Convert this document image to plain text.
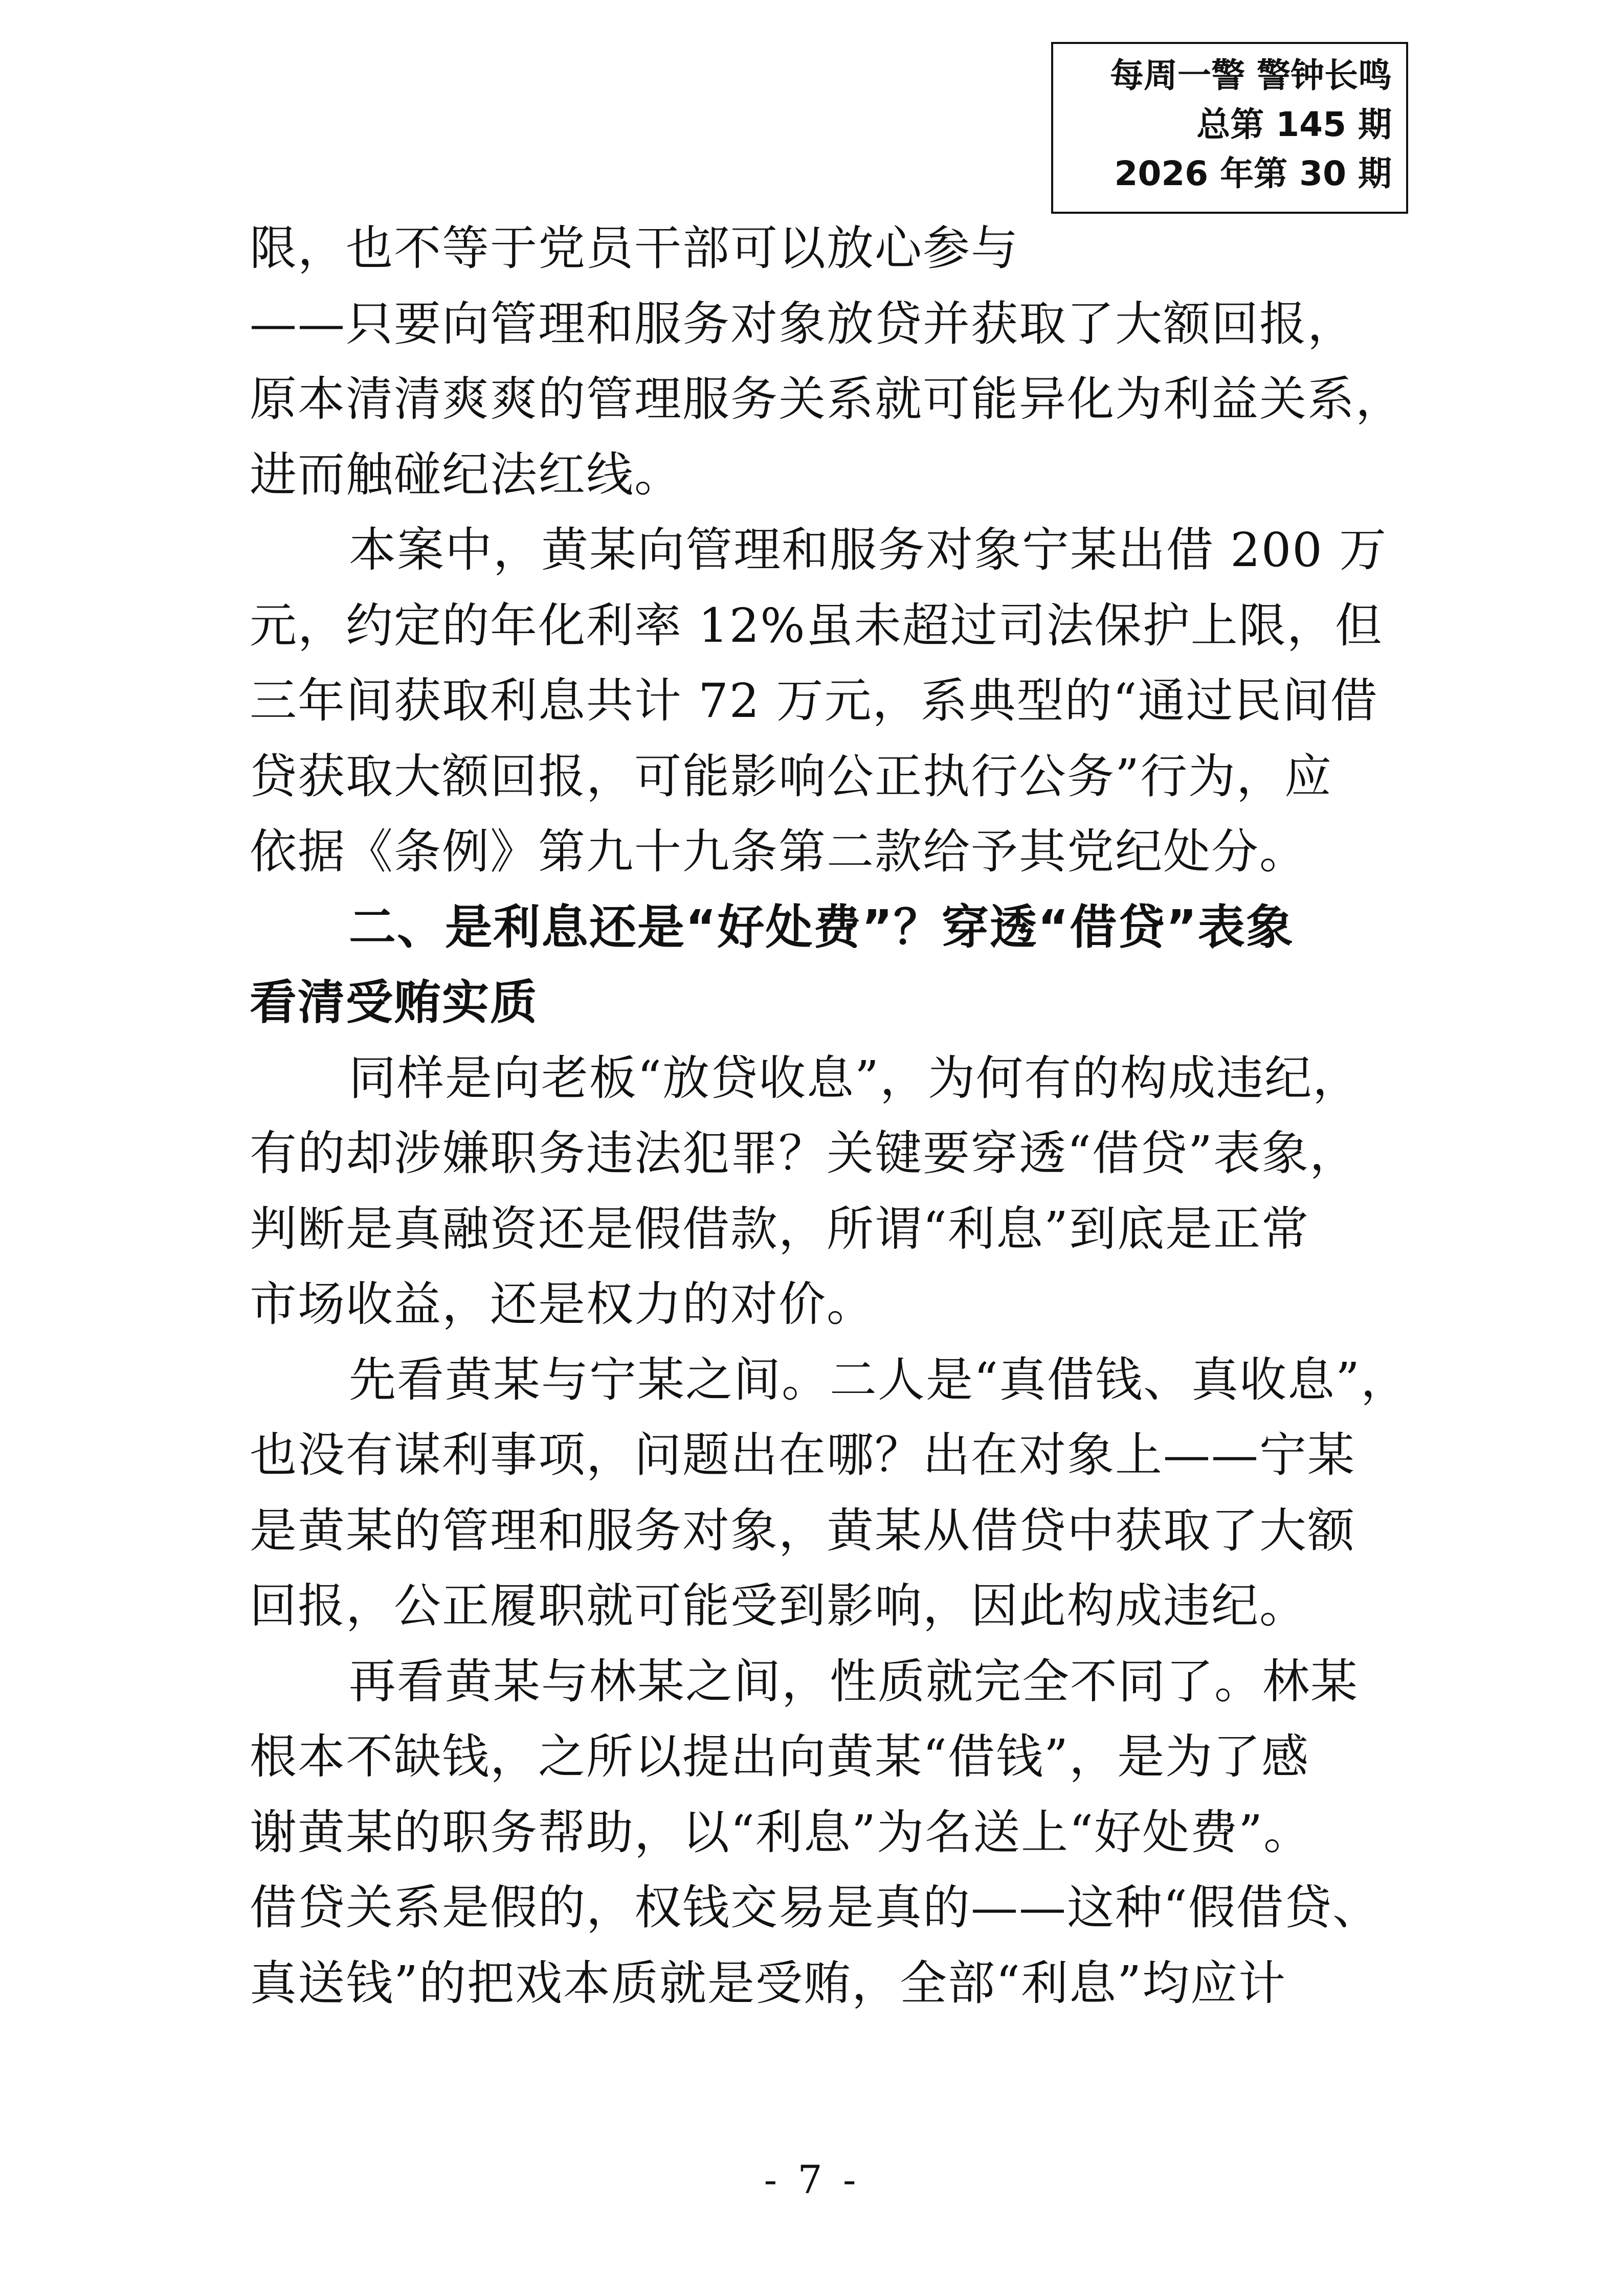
每周一警 警钟长鸣
总第 145 期
2026 年第 30 期
限，也不等于党员干部可以放心参与
——只要向管理和服务对象放贷并获取了大额回报，
原本清清爽爽的管理服务关系就可能异化为利益关系，
进而触碰纪法红线。
本案中，黄某向管理和服务对象宁某出借 200 万
元，约定的年化利率 12%虽未超过司法保护上限，但
三年间获取利息共计 72 万元，系典型的“通过民间借
贷获取大额回报，可能影响公正执行公务”行为，应
依据《条例》第九十九条第二款给予其党纪处分。
二、是利息还是“好处费”？穿透“借贷”表象
看清受贿实质
同样是向老板“放贷收息”，为何有的构成违纪，
有的却涉嫌职务违法犯罪？关键要穿透“借贷”表象，
判断是真融资还是假借款，所谓“利息”到底是正常
市场收益，还是权力的对价。
先看黄某与宁某之间。二人是“真借钱、真收息”，
也没有谋利事项，问题出在哪？出在对象上——宁某
是黄某的管理和服务对象，黄某从借贷中获取了大额
回报，公正履职就可能受到影响，因此构成违纪。
再看黄某与林某之间，性质就完全不同了。林某
根本不缺钱，之所以提出向黄某“借钱”，是为了感
谢黄某的职务帮助，以“利息”为名送上“好处费”。
借贷关系是假的，权钱交易是真的——这种“假借贷、
真送钱”的把戏本质就是受贿，全部“利息”均应计
- 7 -
